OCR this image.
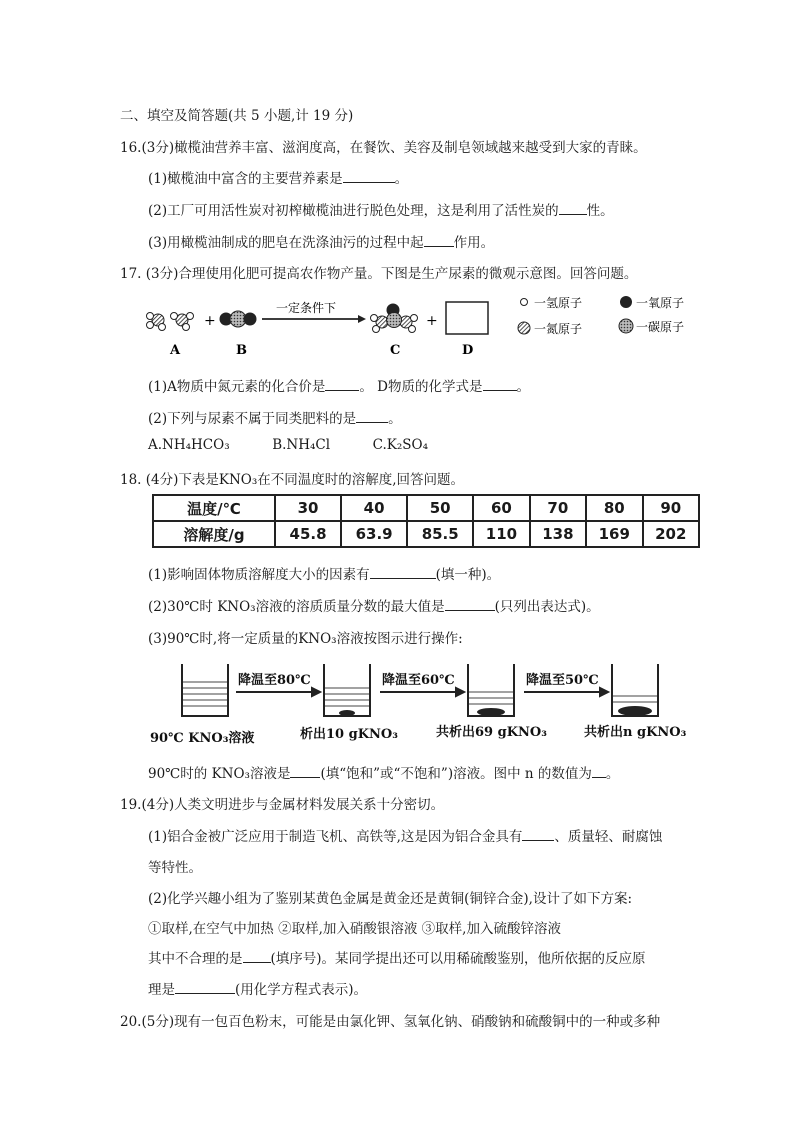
二、填空及简答题(共 5 小题,计 19 分)
16.(3分)橄榄油营养丰富、滋润度高，在餐饮、美容及制皂领域越来越受到大家的青睐。
(1)橄榄油中富含的主要营养素是	。
(2)工厂可用活性炭对初榨橄榄油进行脱色处理，这是利用了活性炭的 性。
(3)用橄榄油制成的肥皂在洗涤油污的过程中起 作用。
17. (3分)合理使用化肥可提高农作物产量。下图是生产尿素的微观示意图。回答问题。
+
一定条件下
+
A	B	C	D
一氢原子	一氧原子
一氮原子	一碳原子
(1)A物质中氮元素的化合价是	。 D物质的化学式是	。
(2)下列与尿素不属于同类肥料的是 。
A.NH₄HCO₃	B.NH₄Cl	C.K₂SO₄
18. (4分)下表是KNO₃在不同温度时的溶解度,回答问题。
温度/℃	30	40	50	60	70	80	90
溶解度/g	45.8	63.9	85.5	110	138	169	202
(1)影响固体物质溶解度大小的因素有	(填一种)。
(2)30℃时 KNO₃溶液的溶质质量分数的最大值是	(只列出表达式)。
(3)90℃时,将一定质量的KNO₃溶液按图示进行操作:
降温至80℃	降温至60℃	降温至50℃
90℃ KNO₃溶液	析出10 gKNO₃	共析出69 gKNO₃	共析出n gKNO₃
90℃时的 KNO₃溶液是 (填“饱和”或“不饱和”)溶液。图中 n 的数值为 。
19.(4分)人类文明进步与金属材料发展关系十分密切。
(1)铝合金被广泛应用于制造飞机、高铁等,这是因为铝合金具有 、质量轻、耐腐蚀
等特性。
(2)化学兴趣小组为了鉴别某黄色金属是黄金还是黄铜(铜锌合金),设计了如下方案:
①取样,在空气中加热 ②取样,加入硝酸银溶液 ③取样,加入硫酸锌溶液
其中不合理的是 (填序号)。某同学提出还可以用稀硫酸鉴别，他所依据的反应原
理是	(用化学方程式表示)。
20.(5分)现有一包百色粉末，可能是由氯化钾、氢氧化钠、硝酸钠和硫酸铜中的一种或多种
